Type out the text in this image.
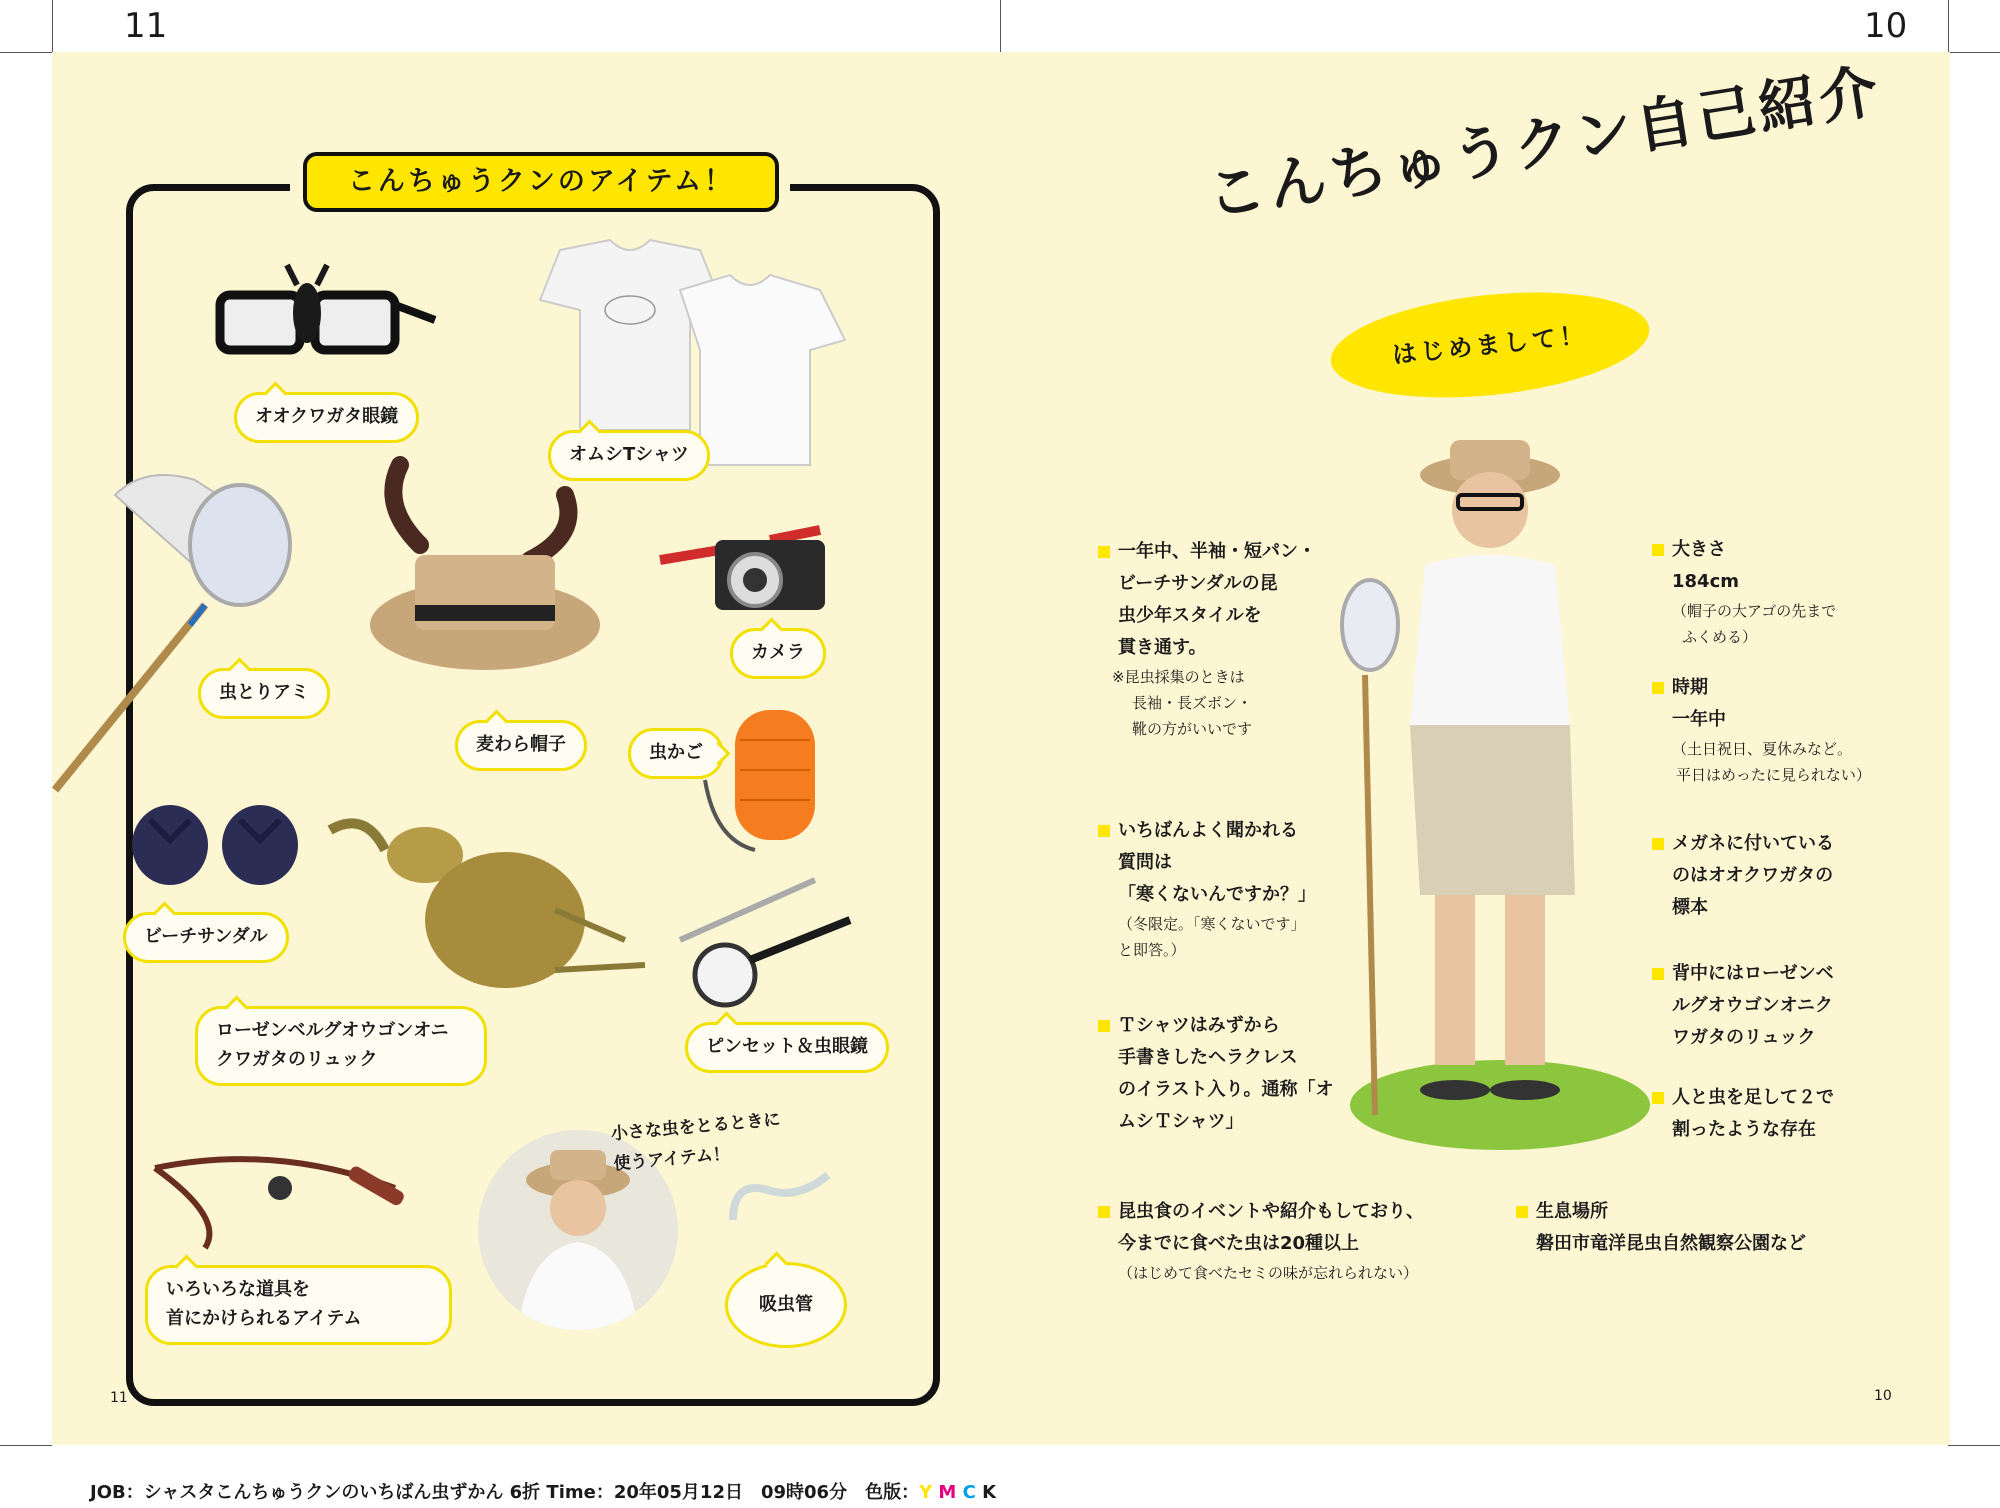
11	10
こんちゅうクンのアイテム！
オオクワガタ眼鏡
オムシTシャツ
虫とりアミ
麦わら帽子
カメラ
虫かご
ビーチサンダル
ローゼンベルグオウゴンオニ
クワガタのリュック
ピンセット＆虫眼鏡
いろいろな道具を
首にかけられるアイテム
小さな虫をとるときに
使うアイテム！
吸虫管
11
こんちゅうクン自己紹介
はじめまして！
一年中、半袖・短パン・
ビーチサンダルの昆
虫少年スタイルを
貫き通す。
※昆虫採集のときは
長袖・長ズボン・
靴の方がいいです
いちばんよく聞かれる
質問は
「寒くないんですか？」
（冬限定。「寒くないです」
と即答。）
Ｔシャツはみずから
手書きしたヘラクレス
のイラスト入り。通称「オ
ムシＴシャツ」
大きさ
184cm
（帽子の大アゴの先まで
ふくめる）
時期
一年中
（土日祝日、夏休みなど。
平日はめったに見られない）
メガネに付いている
のはオオクワガタの
標本
背中にはローゼンベ
ルグオウゴンオニク
ワガタのリュック
人と虫を足して２で
割ったような存在
昆虫食のイベントや紹介もしており、
今までに食べた虫は20種以上
（はじめて食べたセミの味が忘れられない）
生息場所
磐田市竜洋昆虫自然観察公園など
10
JOB：シャスタこんちゅうクンのいちばん虫ずかん 6折 Time：20年05月12日　09時06分　色版：Y M C K
